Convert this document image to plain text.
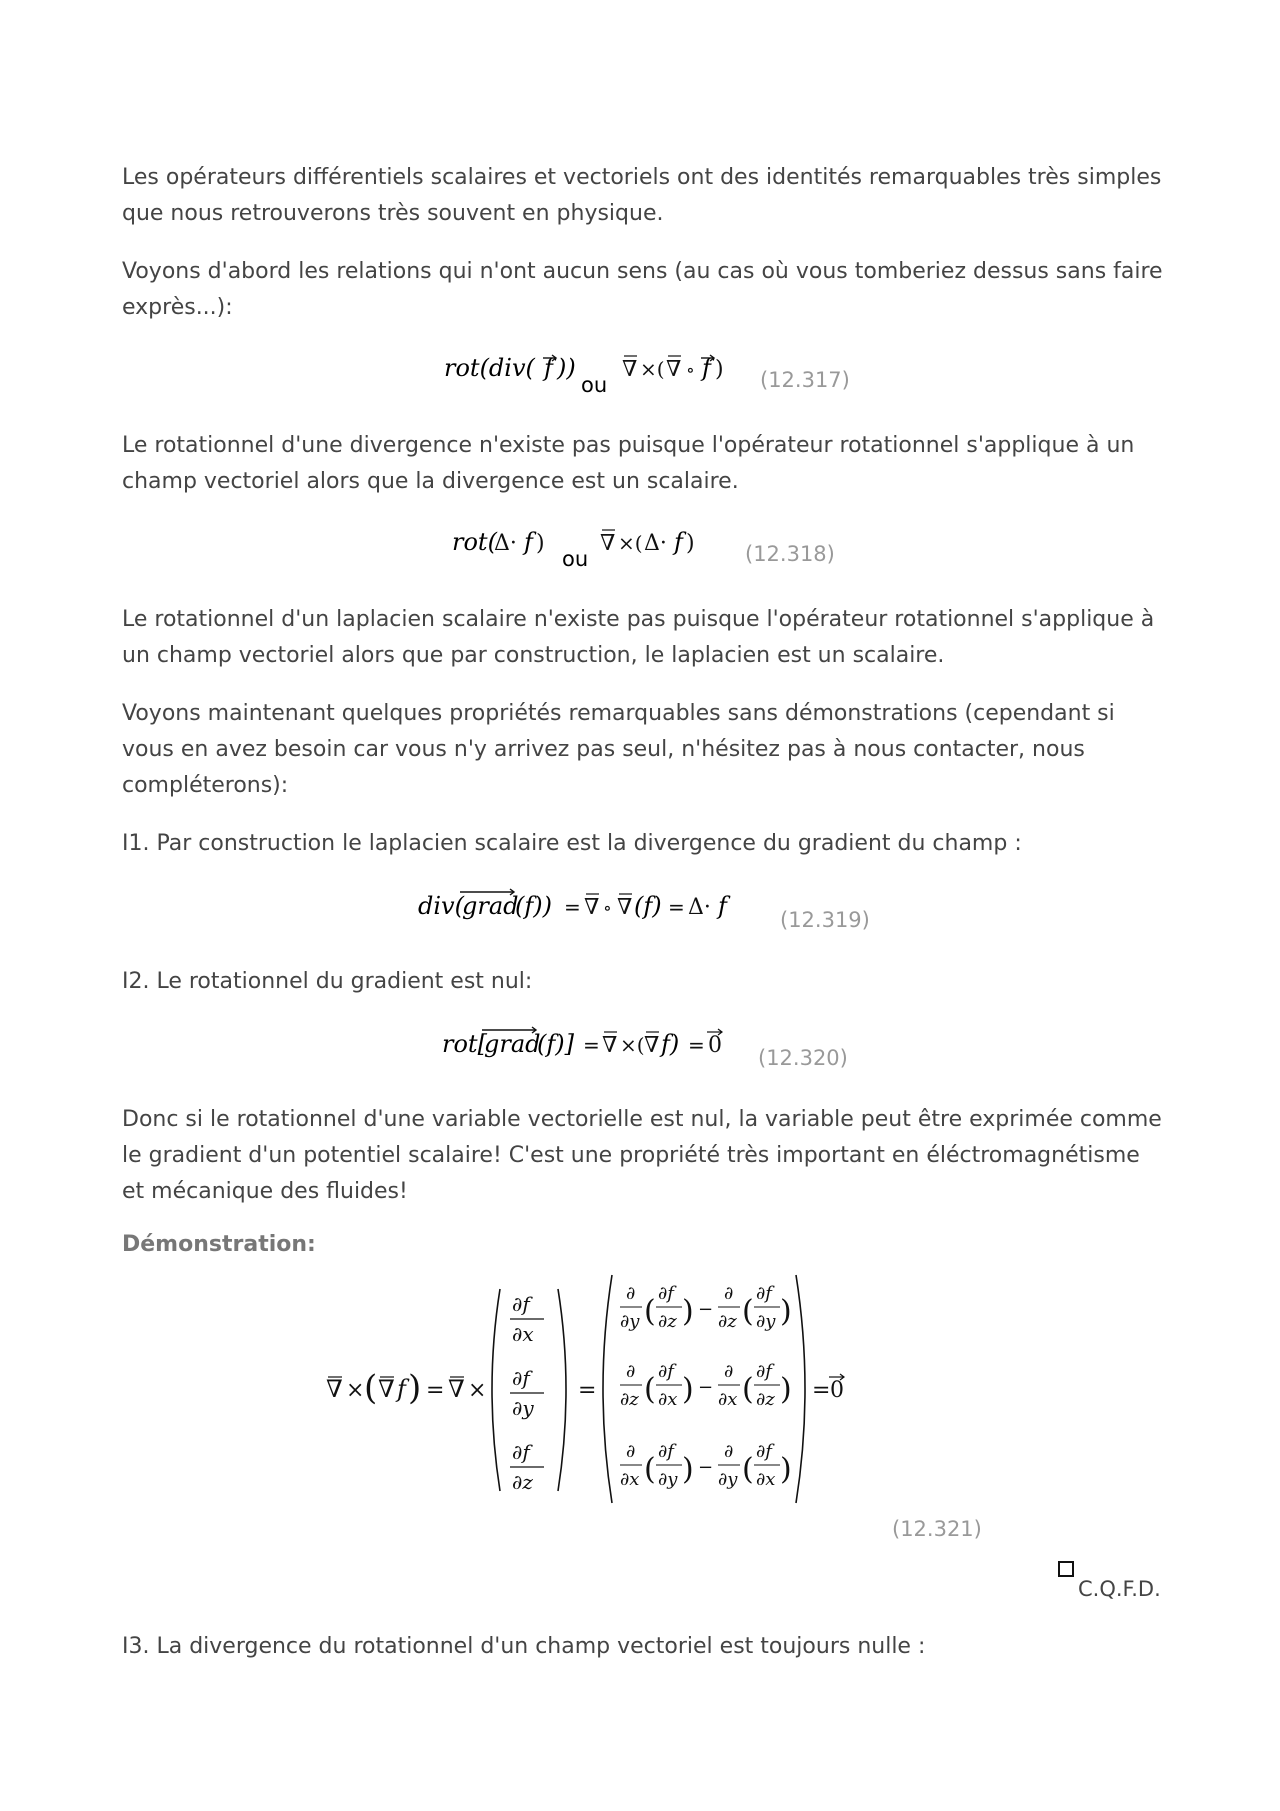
Les opérateurs différentiels scalaires et vectoriels ont des identités remarquables très simples que nous retrouverons très souvent en physique.

Voyons d'abord les relations qui n'ont aucun sens (au cas où vous tomberiez dessus sans faire exprès...):

rot(div( f ))
ou
∇ ×( ∇ ∘ f ) (12.317)

Le rotationnel d'une divergence n'existe pas puisque l'opérateur rotationnel s'applique à un champ vectoriel alors que la divergence est un scalaire.

rot(
Δ· f )
ou
∇ ×( Δ· f ) (12.318)

Le rotationnel d'un laplacien scalaire n'existe pas puisque l'opérateur rotationnel s'applique à un champ vectoriel alors que par construction, le laplacien est un scalaire.

Voyons maintenant quelques propriétés remarquables sans démonstrations (cependant si vous en avez besoin car vous n'y arrivez pas seul, n'hésitez pas à nous contacter, nous compléterons):

I1. Par construction le laplacien scalaire est la divergence du gradient du champ :

div(
grad
(f)) = ∇ ∘ ∇ (f) = Δ· f	(12.319)

I2. Le rotationnel du gradient est nul:

rot[
grad
(f)] = ∇ ×( ∇ f) = 0 (12.320)

Donc si le rotationnel d'une variable vectorielle est nul, la variable peut être exprimée comme le gradient d'un potentiel scalaire! C'est une propriété très important en éléctromagnétisme et mécanique des fluides!

Démonstration:
∇ × ( ∇ f ) = ∇ ×
∂f
∂x
∂f
∂y
∂f
∂z
=
∂
∂y (
∂f
∂z ) −
∂
∂z (
∂f
∂y )
∂
∂z (
∂f
∂x ) −
∂
∂x (
∂f
∂z )
∂
∂x (
∂f
∂y ) −
∂
∂y (
∂f
∂x )
= 0
(12.321)
C.Q.F.D.

I3. La divergence du rotationnel d'un champ vectoriel est toujours nulle :
